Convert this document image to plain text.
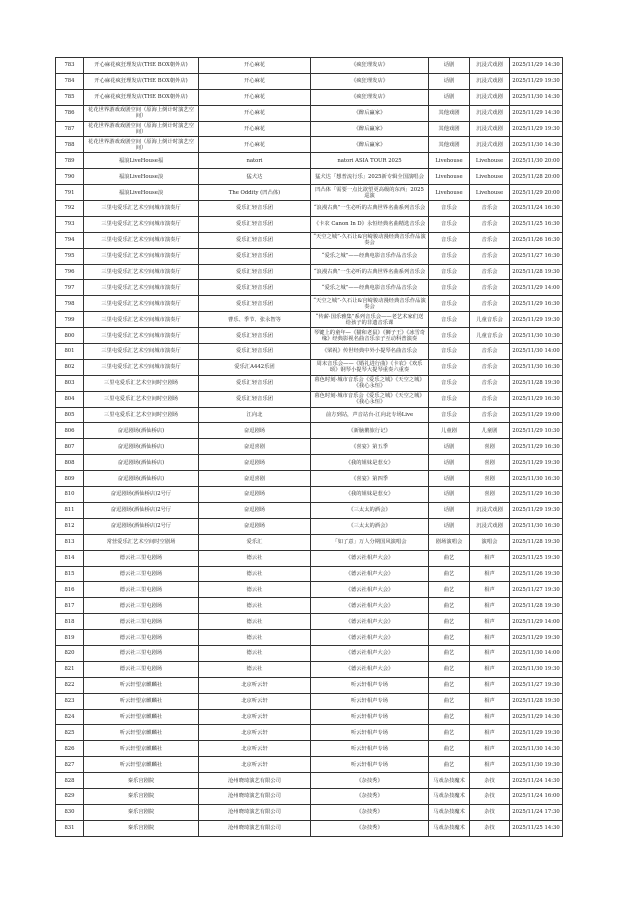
783	开心麻花疯狂理发店(THE BOX朝外店)	开心麻花	《疯狂理发店》	话剧	沉浸式戏剧	2025/11/29 14:30
784	开心麻花疯狂理发店(THE BOX朝外店)	开心麻花	《疯狂理发店》	话剧	沉浸式戏剧	2025/11/29 19:30
785	开心麻花疯狂理发店(THE BOX朝外店)	开心麻花	《疯狂理发店》	话剧	沉浸式戏剧	2025/11/30 14:30
786	花花世界游戏戏剧空间（原海上倒计时演艺空间）	开心麻花	《醉后赢家》	其他戏剧	沉浸式戏剧	2025/11/29 14:30
787	花花世界游戏戏剧空间（原海上倒计时演艺空间）	开心麻花	《醉后赢家》	其他戏剧	沉浸式戏剧	2025/11/29 19:30
788	花花世界游戏戏剧空间（原海上倒计时演艺空间）	开心麻花	《醉后赢家》	其他戏剧	沉浸式戏剧	2025/11/30 14:30
789	福浪LiveHouse福	natori	natori ASIA TOUR 2025	Livehouse	Livehouse	2025/11/30 20:00
790	福浪LiveHouse浪	猛犬达	猛犬达「想普流行乐」2025新专辑全国演唱会	Livehouse	Livehouse	2025/11/28 20:00
791	福浪LiveHouse浪	The Oddity (凹凸体)	凹凸体「需要一点比欲望更高级的东西」2025巡演	Livehouse	Livehouse	2025/11/29 20:00
792	三里屯爱乐汇艺术空间城市演奏厅	爱乐汇轻音乐团	“浪漫古典”一生必听的古典世界名曲系列音乐会	音乐会	音乐会	2025/11/24 16:30
793	三里屯爱乐汇艺术空间城市演奏厅	爱乐汇轻音乐团	《卡农 Canon In D》永恒经典名曲精选音乐会	音乐会	音乐会	2025/11/25 16:30
794	三里屯爱乐汇艺术空间城市演奏厅	爱乐汇轻音乐团	“天空之城”-久石让&宫崎骏动漫经典音乐作品演奏会	音乐会	音乐会	2025/11/26 16:30
795	三里屯爱乐汇艺术空间城市演奏厅	爱乐汇轻音乐团	“爱乐之城”——经典电影音乐作品音乐会	音乐会	音乐会	2025/11/27 16:30
796	三里屯爱乐汇艺术空间城市演奏厅	爱乐汇轻音乐团	“浪漫古典”一生必听的古典世界名曲系列音乐会	音乐会	音乐会	2025/11/28 19:30
797	三里屯爱乐汇艺术空间城市演奏厅	爱乐汇轻音乐团	“爱乐之城”——经典电影音乐作品音乐会	音乐会	音乐会	2025/11/29 14:00
798	三里屯爱乐汇艺术空间城市演奏厅	爱乐汇轻音乐团	“天空之城”-久石让&宫崎骏动漫经典音乐作品演奏会	音乐会	音乐会	2025/11/29 16:30
799	三里屯爱乐汇艺术空间城市演奏厅	曹乐、季节、张永智等	“传薪·国乐雅集”系列音乐会——老艺术家们送给孩子的非遗音乐课	音乐会	儿童音乐会	2025/11/29 19:30
800	三里屯爱乐汇艺术空间城市演奏厅	爱乐汇轻音乐团	琴键上的童年—《猫和老鼠》《狮子王》《冰雪奇缘》经典影视名曲音乐亲子互动科普演奏	音乐会	儿童音乐会	2025/11/30 10:30
801	三里屯爱乐汇艺术空间城市演奏厅	爱乐汇轻音乐团	《梁祝》传世经典中外小提琴名曲音乐会	音乐会	音乐会	2025/11/30 14:00
802	三里屯爱乐汇艺术空间城市演奏厅	爱乐汇A442乐团	周末音乐会——《婚礼进行曲》《卡农》《欢乐颂》钢琴小提琴大提琴重奏六重奏	音乐会	音乐会	2025/11/30 16:30
803	三里屯爱乐汇艺术空间时空剧场	爱乐汇轻音乐团	暮色时刻·城市音乐会《爱乐之城》《天空之城》《我心永恒》	音乐会	音乐会	2025/11/28 19:30
804	三里屯爱乐汇艺术空间时空剧场	爱乐汇轻音乐团	暮色时刻·城市音乐会《爱乐之城》《天空之城》《我心永恒》	音乐会	音乐会	2025/11/29 16:30
805	三里屯爱乐汇艺术空间时空剧场	江向北	前方到站，声音站台-江向北专场Live	音乐会	音乐会	2025/11/29 19:00
806	奋逗剧场(酒仙桥店)	奋逗剧场	《新脑鹅旅行记》	儿童剧	儿童剧	2025/11/29 10:30
807	奋逗剧场(酒仙桥店)	奋逗喜剧	《喜宴》第五季	话剧	喜剧	2025/11/29 16:30
808	奋逗剧场(酒仙桥店)	奋逗剧场	《我的姐妹是惹女》	话剧	喜剧	2025/11/29 19:30
809	奋逗剧场(酒仙桥店)	奋逗喜剧	《喜宴》第四季	话剧	喜剧	2025/11/30 16:30
810	奋逗剧场(酒仙桥店)2号厅	奋逗剧场	《我的姐妹是惹女》	话剧	喜剧	2025/11/29 16:30
811	奋逗剧场(酒仙桥店)2号厅	奋逗剧场	《三太太的酒会》	话剧	沉浸式戏剧	2025/11/29 19:30
812	奋逗剧场(酒仙桥店)2号厅	奋逗剧场	《三太太的酒会》	话剧	沉浸式戏剧	2025/11/30 16:30
813	常营爱乐汇艺术空间时空剧场	爱乐汇	「如了意」万人分期国风演唱会	剧场演唱会	演唱会	2025/11/28 19:30
814	德云社三里屯剧场	德云社	《德云社相声大会》	曲艺	相声	2025/11/25 19:30
815	德云社三里屯剧场	德云社	《德云社相声大会》	曲艺	相声	2025/11/26 19:30
816	德云社三里屯剧场	德云社	《德云社相声大会》	曲艺	相声	2025/11/27 19:30
817	德云社三里屯剧场	德云社	《德云社相声大会》	曲艺	相声	2025/11/28 19:30
818	德云社三里屯剧场	德云社	《德云社相声大会》	曲艺	相声	2025/11/29 14:00
819	德云社三里屯剧场	德云社	《德云社相声大会》	曲艺	相声	2025/11/29 19:30
820	德云社三里屯剧场	德云社	《德云社相声大会》	曲艺	相声	2025/11/30 14:00
821	德云社三里屯剧场	德云社	《德云社相声大会》	曲艺	相声	2025/11/30 19:30
822	听云轩望京麒麟社	北京听云轩	听云轩相声专场	曲艺	相声	2025/11/27 19:30
823	听云轩望京麒麟社	北京听云轩	听云轩相声专场	曲艺	相声	2025/11/28 19:30
824	听云轩望京麒麟社	北京听云轩	听云轩相声专场	曲艺	相声	2025/11/29 14:30
825	听云轩望京麒麟社	北京听云轩	听云轩相声专场	曲艺	相声	2025/11/29 19:30
826	听云轩望京麒麟社	北京听云轩	听云轩相声专场	曲艺	相声	2025/11/30 14:30
827	听云轩望京麒麟社	北京听云轩	听云轩相声专场	曲艺	相声	2025/11/30 19:30
828	秦乐宫剧院	沧州晓琦演艺有限公司	《杂技秀》	马戏杂技魔术	杂技	2025/11/24 14:30
829	秦乐宫剧院	沧州晓琦演艺有限公司	《杂技秀》	马戏杂技魔术	杂技	2025/11/24 16:00
830	秦乐宫剧院	沧州晓琦演艺有限公司	《杂技秀》	马戏杂技魔术	杂技	2025/11/24 17:30
831	秦乐宫剧院	沧州晓琦演艺有限公司	《杂技秀》	马戏杂技魔术	杂技	2025/11/25 14:30
